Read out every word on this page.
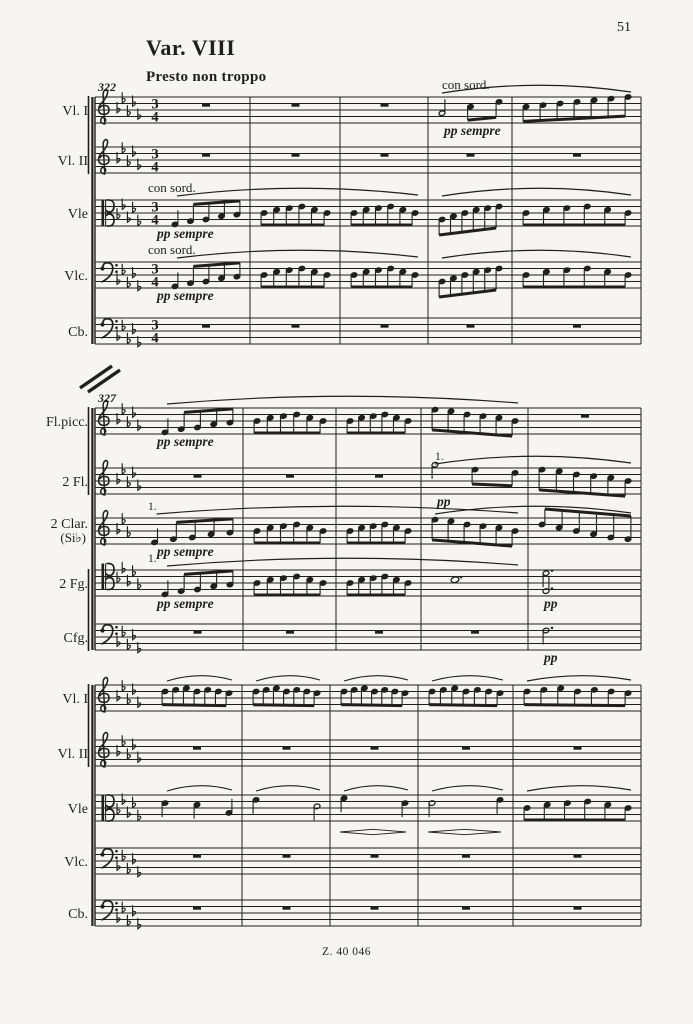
51
Var. VIII
Presto non troppo
322
Vl. I	3
4
con sord.
pp sempre
Vl. II	3
4
Vle	3
4
con sord.
pp sempre
Vlc.	3
4
con sord.
pp sempre
Cb.	3
4
327
Fl.picc.
pp sempre
2 Fl.
1.
pp
2 Clar.
(Si♭)
1.
pp sempre
2 Fg.
1.
pp sempre	pp
Cfg.
pp
Vl. I
Vl. II
Vle
Vlc.
Cb.
Z. 40 046
